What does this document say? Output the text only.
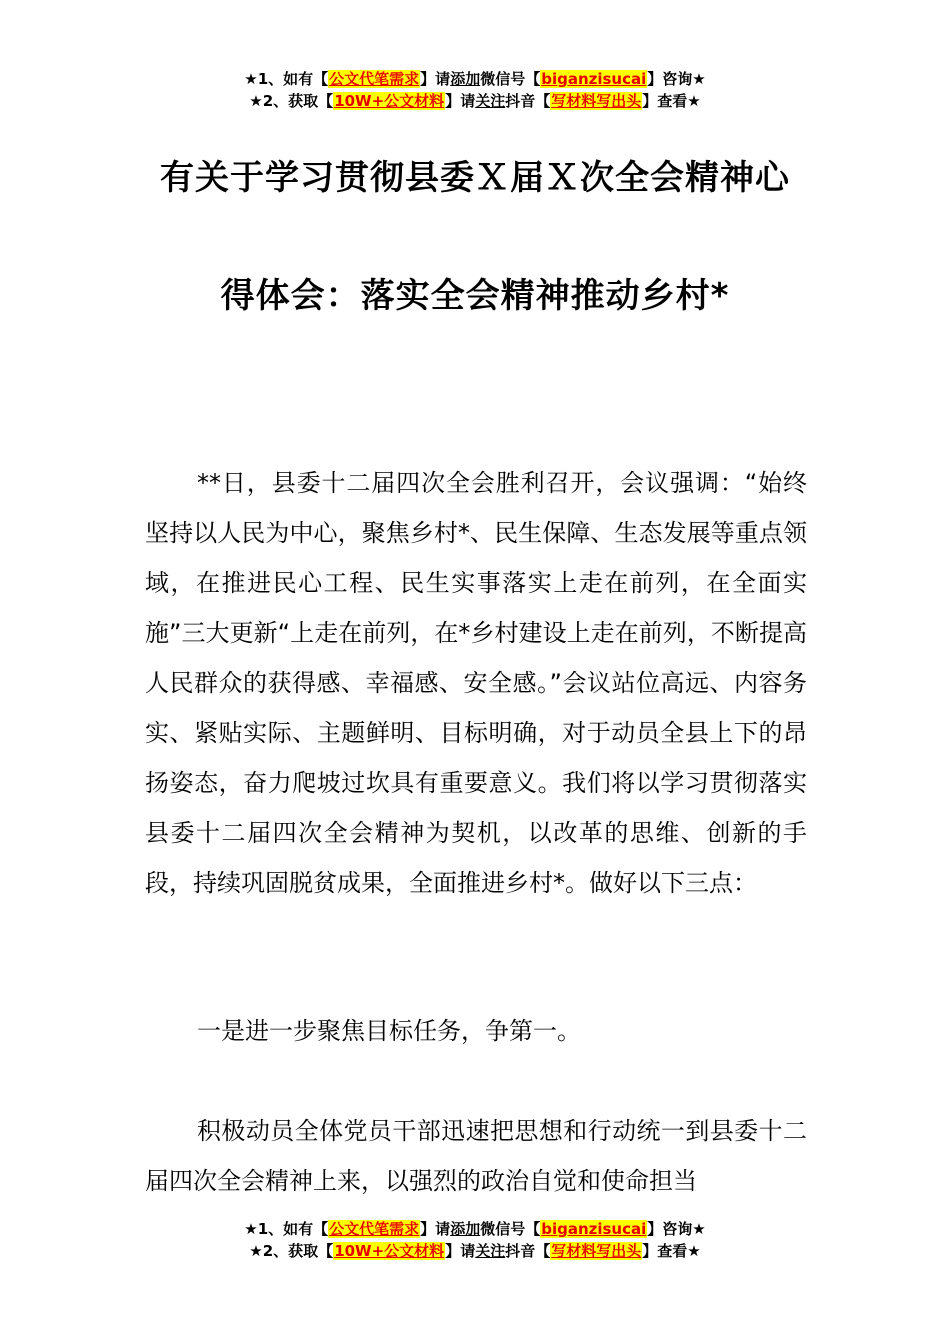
★1、如有【公文代笔需求】请添加微信号【biganzisucai】咨询★
★2、获取【10W+公文材料】请关注抖音【写材料写出头】查看★
有关于学习贯彻县委Ｘ届Ｘ次全会精神心
得体会：落实全会精神推动乡村*

**日，县委十二届四次全会胜利召开，会议强调：“始终坚持以人民为中心，聚焦乡村*、民生保障、生态发展等重点领域，在推进民心工程、民生实事落实上走在前列，在全面实施”三大更新“上走在前列，在*乡村建设上走在前列，不断提高人民群众的获得感、幸福感、安全感。”会议站位高远、内容务实、紧贴实际、主题鲜明、目标明确，对于动员全县上下的昂扬姿态，奋力爬坡过坎具有重要意义。我们将以学习贯彻落实县委十二届四次全会精神为契机，以改革的思维、创新的手段，持续巩固脱贫成果，全面推进乡村*。做好以下三点：

一是进一步聚焦目标任务，争第一。

积极动员全体党员干部迅速把思想和行动统一到县委十二届四次全会精神上来，以强烈的政治自觉和使命担当

★1、如有【公文代笔需求】请添加微信号【biganzisucai】咨询★
★2、获取【10W+公文材料】请关注抖音【写材料写出头】查看★
